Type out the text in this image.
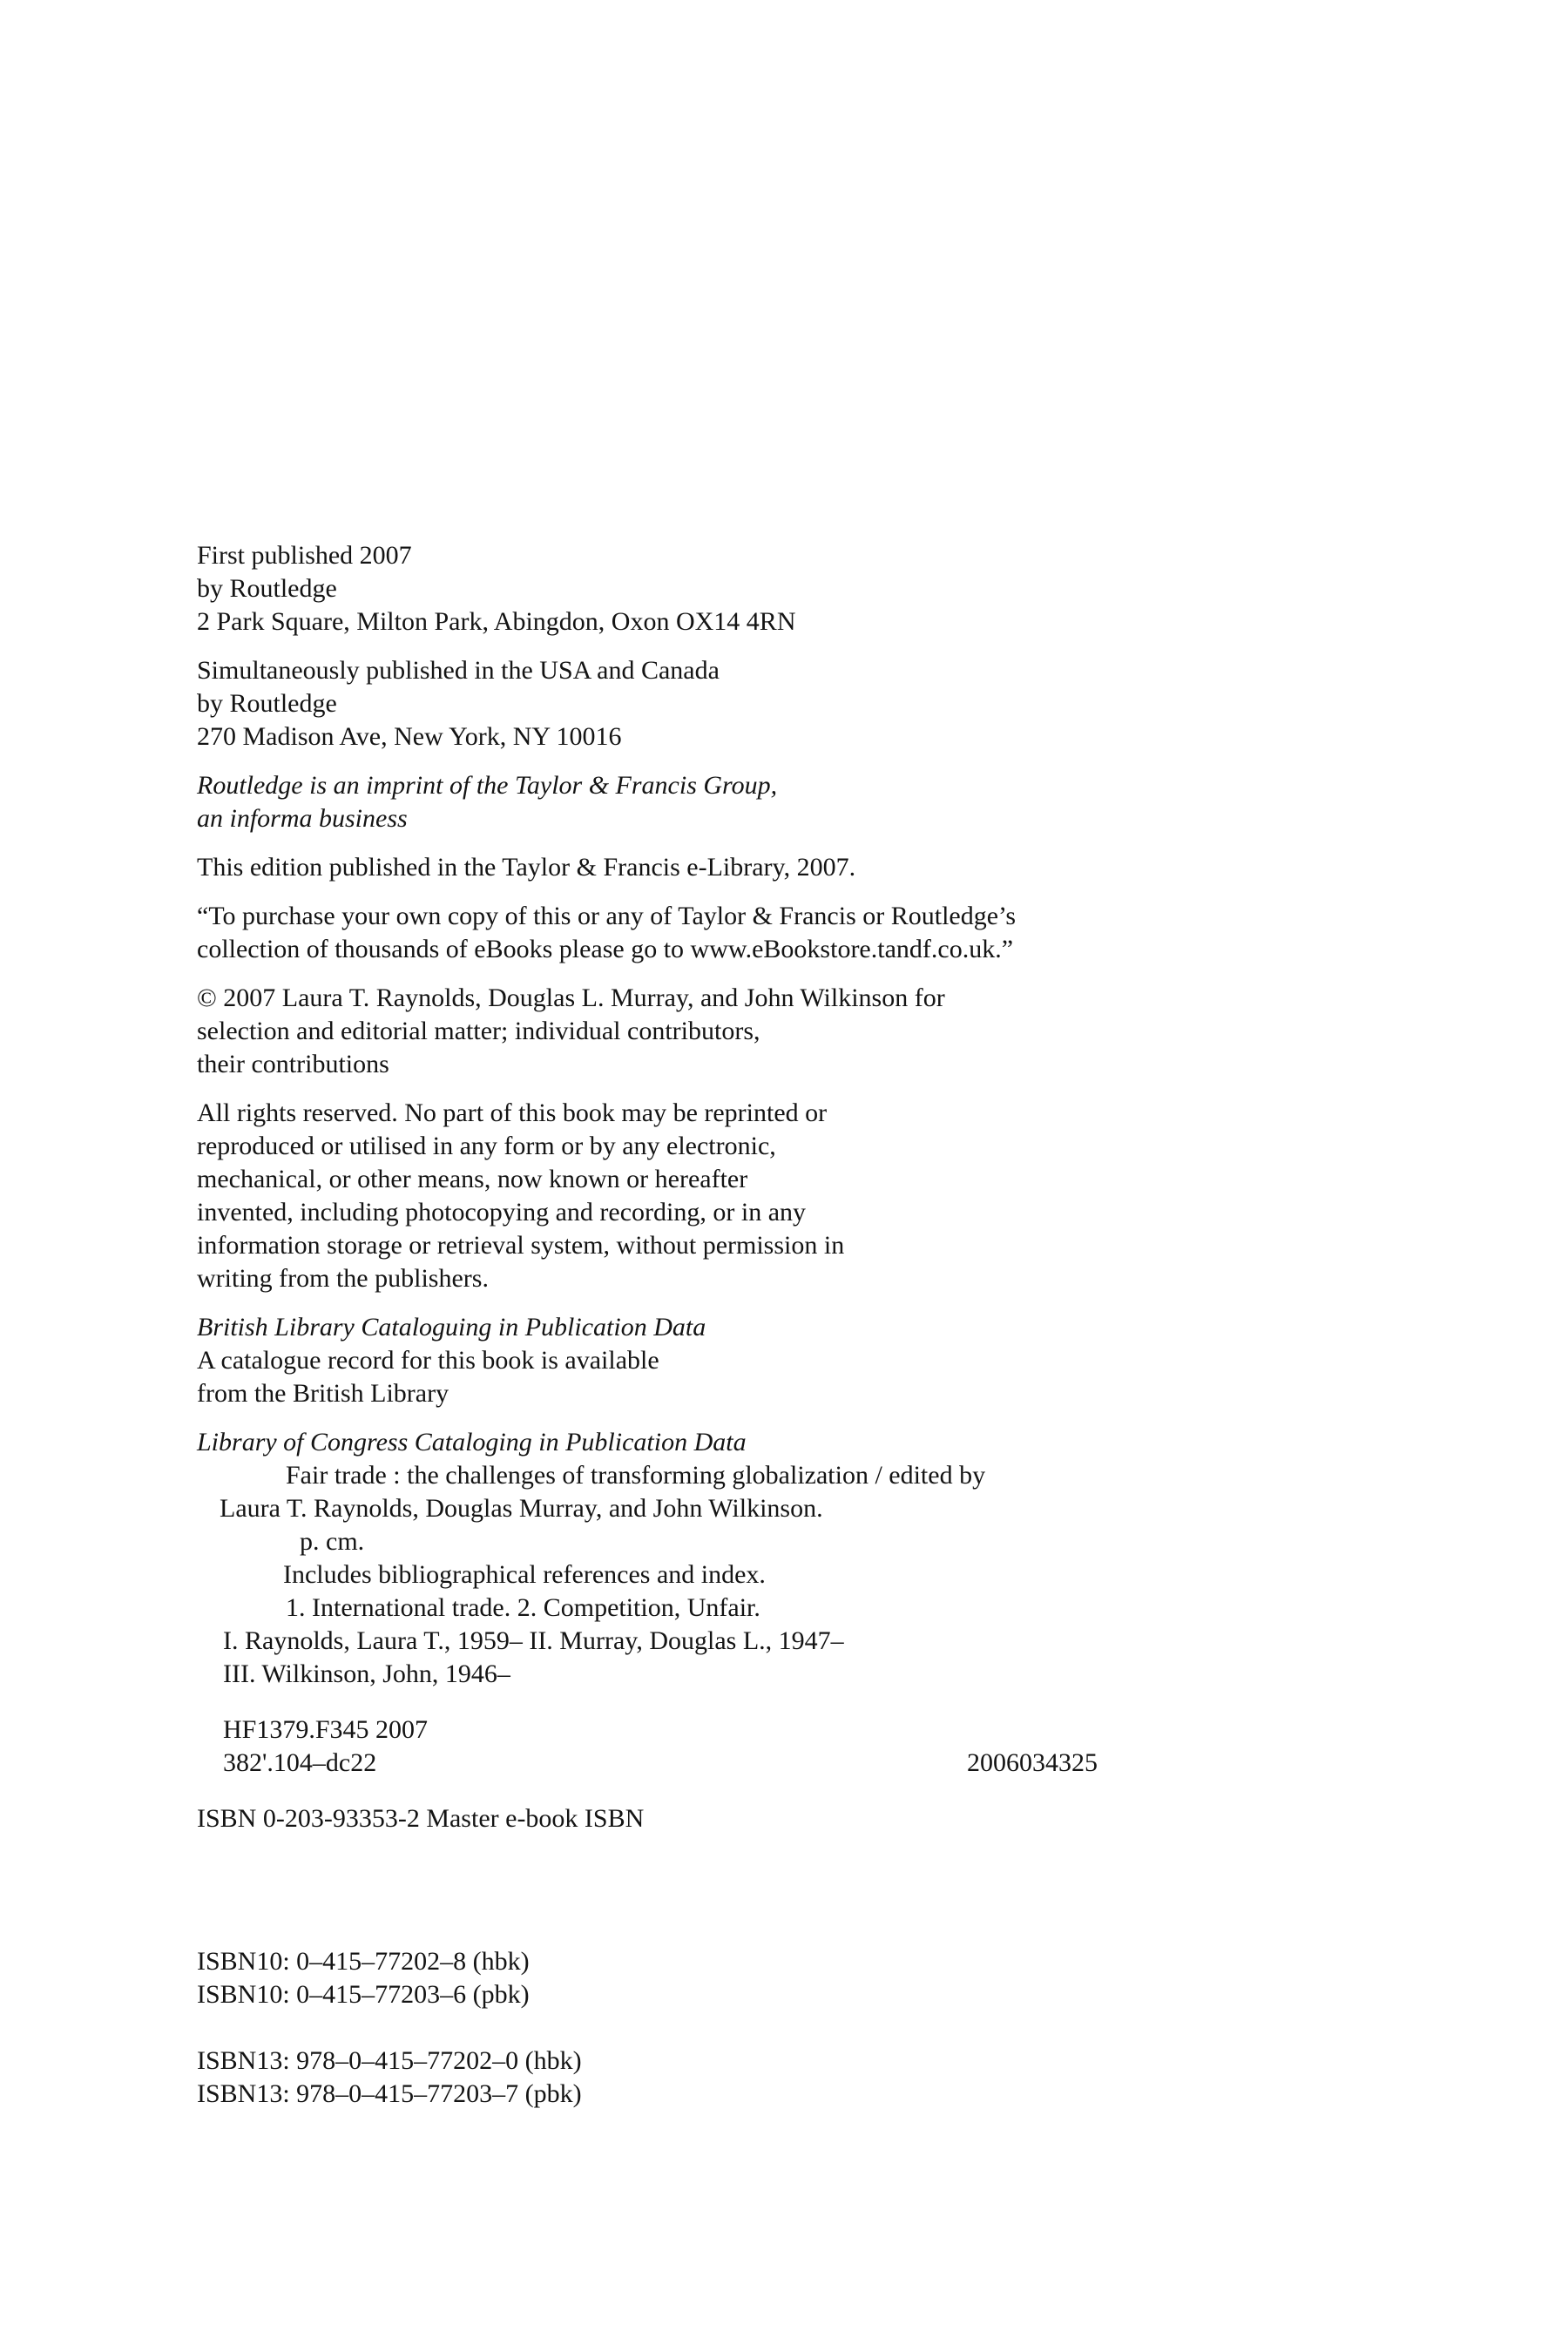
First published 2007
by Routledge
2 Park Square, Milton Park, Abingdon, Oxon OX14 4RN
Simultaneously published in the USA and Canada
by Routledge
270 Madison Ave, New York, NY 10016
Routledge is an imprint of the Taylor & Francis Group,
an informa business
This edition published in the Taylor & Francis e-Library, 2007.
“To purchase your own copy of this or any of Taylor & Francis or Routledge’s
collection of thousands of eBooks please go to www.eBookstore.tandf.co.uk.”
© 2007 Laura T. Raynolds, Douglas L. Murray, and John Wilkinson for
selection and editorial matter; individual contributors,
their contributions
All rights reserved. No part of this book may be reprinted or
reproduced or utilised in any form or by any electronic,
mechanical, or other means, now known or hereafter
invented, including photocopying and recording, or in any
information storage or retrieval system, without permission in
writing from the publishers.
British Library Cataloguing in Publication Data
A catalogue record for this book is available
from the British Library
Library of Congress Cataloging in Publication Data
Fair trade : the challenges of transforming globalization / edited by
Laura T. Raynolds, Douglas Murray, and John Wilkinson.
p. cm.
Includes bibliographical references and index.
1. International trade. 2. Competition, Unfair.
I. Raynolds, Laura T., 1959– II. Murray, Douglas L., 1947–
III. Wilkinson, John, 1946–
HF1379.F345 2007
382'.104–dc22	2006034325
ISBN 0-203-93353-2 Master e-book ISBN
ISBN10: 0–415–77202–8 (hbk)
ISBN10: 0–415–77203–6 (pbk)
ISBN13: 978–0–415–77202–0 (hbk)
ISBN13: 978–0–415–77203–7 (pbk)
